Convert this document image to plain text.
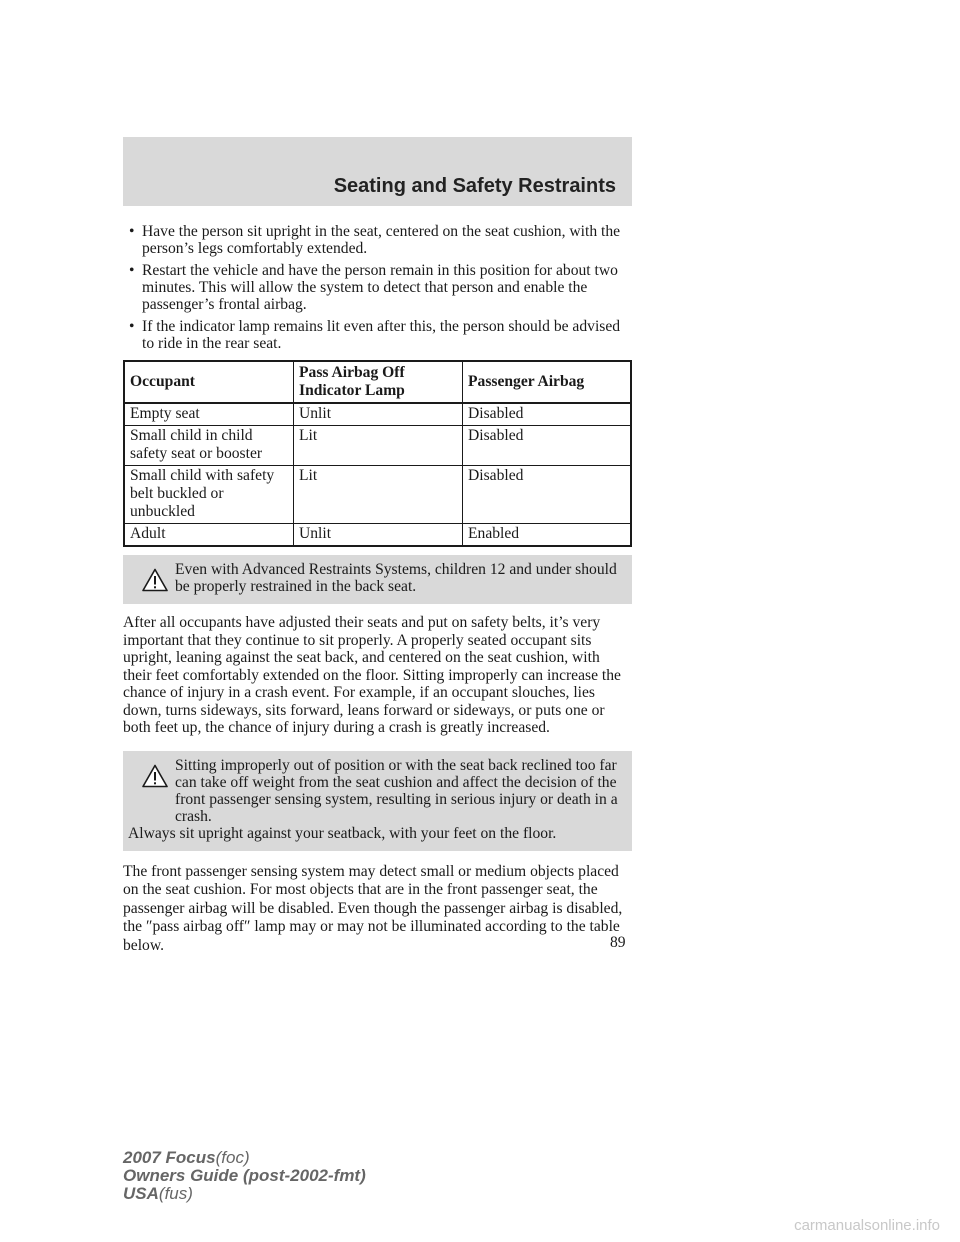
Seating and Safety Restraints
• Have the person sit upright in the seat, centered on the seat cushion, with the person’s legs comfortably extended.
• Restart the vehicle and have the person remain in this position for about two minutes. This will allow the system to detect that person and enable the passenger’s frontal airbag.
• If the indicator lamp remains lit even after this, the person should be advised to ride in the rear seat.
Occupant	Pass Airbag Off Indicator Lamp	Passenger Airbag
Empty seat	Unlit	Disabled
Small child in child safety seat or booster	Lit	Disabled
Small child with safety belt buckled or unbuckled	Lit	Disabled
Adult	Unlit	Enabled
Even with Advanced Restraints Systems, children 12 and under should be properly restrained in the back seat.

After all occupants have adjusted their seats and put on safety belts, it’s very important that they continue to sit properly. A properly seated occupant sits upright, leaning against the seat back, and centered on the seat cushion, with their feet comfortably extended on the floor. Sitting improperly can increase the chance of injury in a crash event. For example, if an occupant slouches, lies down, turns sideways, sits forward, leans forward or sideways, or puts one or both feet up, the chance of injury during a crash is greatly increased.

Sitting improperly out of position or with the seat back reclined too far can take off weight from the seat cushion and affect the decision of the front passenger sensing system, resulting in serious injury or death in a crash.
Always sit upright against your seatback, with your feet on the floor.

The front passenger sensing system may detect small or medium objects placed on the seat cushion. For most objects that are in the front passenger seat, the passenger airbag will be disabled. Even though the passenger airbag is disabled, the ″pass airbag off″ lamp may or may not be illuminated according to the table below.	89
2007 Focus(foc)
Owners Guide (post-2002-fmt)
USA(fus)
carmanualsonline.info
